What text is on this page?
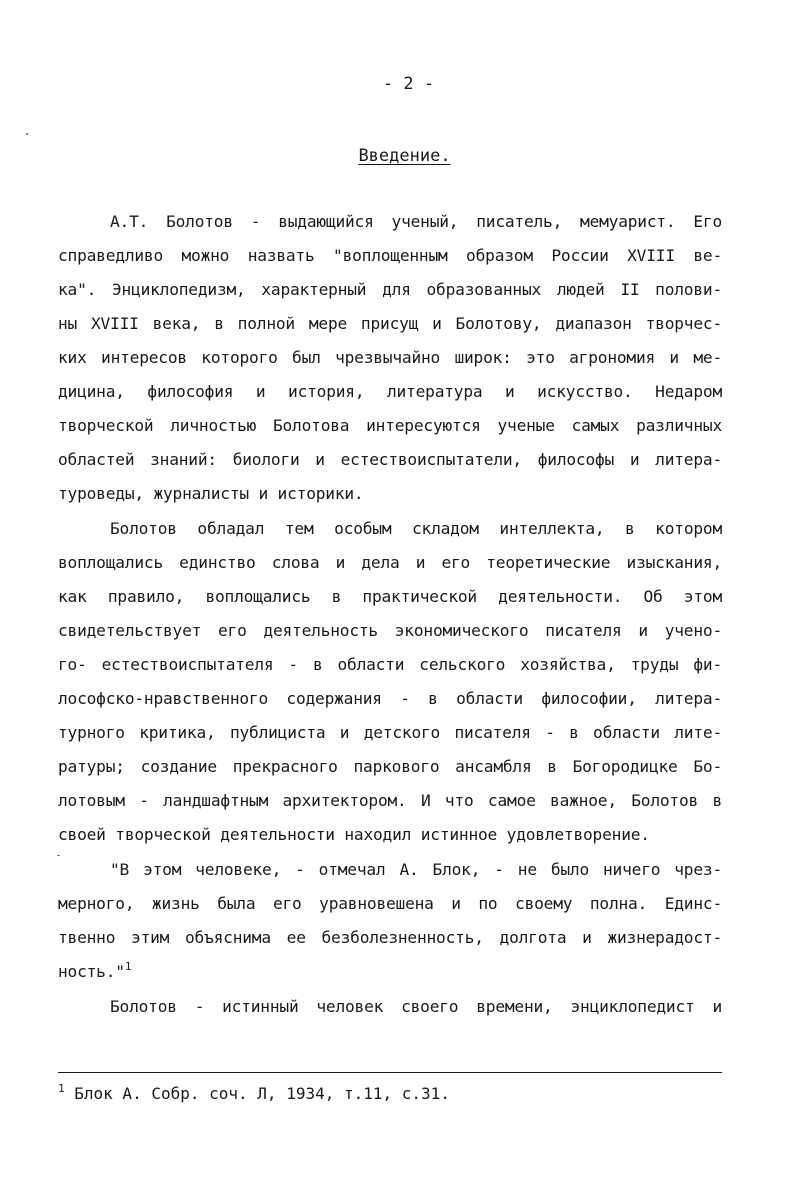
- 2 -
Введение.
А.Т. Болотов - выдающийся ученый, писатель, мемуарист. Его
справедливо можно назвать "воплощенным образом России XVIII ве-
ка". Энциклопедизм, характерный для образованных людей II полови-
ны XVIII века, в полной мере присущ и Болотову, диапазон творчес-
ких интересов которого был чрезвычайно широк: это агрономия и ме-
дицина, философия и история, литература и искусство. Недаром
творческой личностью Болотова интересуются ученые самых различных
областей знаний: биологи и естествоиспытатели, философы и литера-
туроведы, журналисты и историки.
Болотов обладал тем особым складом интеллекта, в котором
воплощались единство слова и дела и его теоретические изыскания,
как правило, воплощались в практической деятельности. Об этом
свидетельствует его деятельность экономического писателя и учено-
го- естествоиспытателя - в области сельского хозяйства, труды фи-
лософско-нравственного содержания - в области философии, литера-
турного критика, публициста и детского писателя - в области лите-
ратуры; создание прекрасного паркового ансамбля в Богородицке Бо-
лотовым - ландшафтным архитектором. И что самое важное, Болотов в
своей творческой деятельности находил истинное удовлетворение.
"В этом человеке, - отмечал А. Блок, - не было ничего чрез-
мерного, жизнь была его уравновешена и по своему полна. Единс-
твенно этим объяснима ее безболезненность, долгота и жизнерадост-
ность."$^1$
Болотов - истинный человек своего времени, энциклопедист и
$^1$ Блок А. Собр. соч. Л, 1934, т.11, с.31.
